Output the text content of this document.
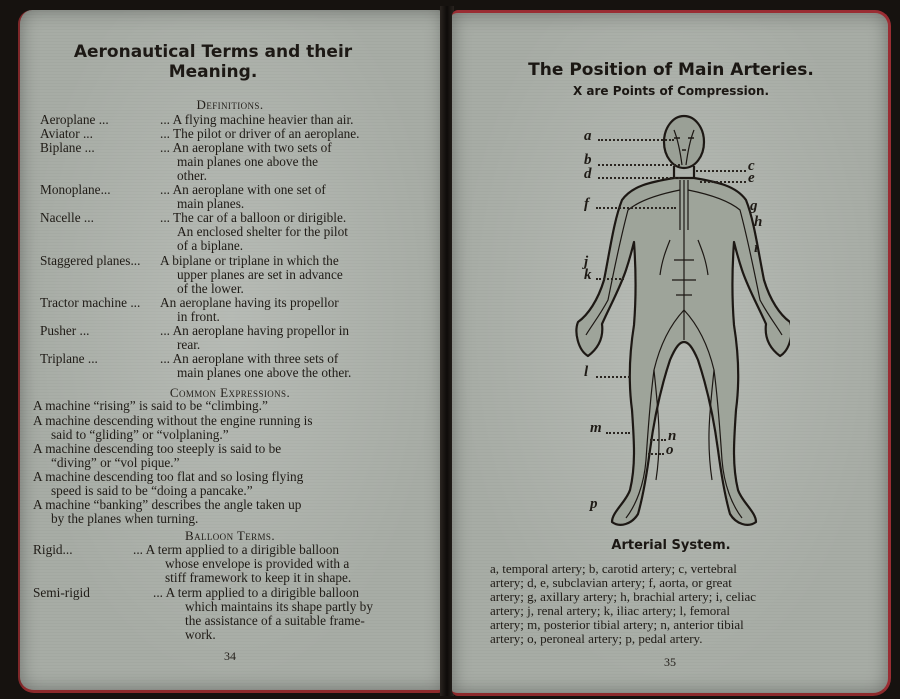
Aeronautical Terms and their
Meaning.
Definitions.
Aeroplane ...	... A flying machine heavier than air.
Aviator ...	... The pilot or driver of an aeroplane.
Biplane ...	... An aeroplane with two sets of
main planes one above the
other.
Monoplane...	... An aeroplane with one set of
main planes.
Nacelle ...	... The car of a balloon or dirigible.
An enclosed shelter for the pilot
of a biplane.
Staggered planes... A biplane or triplane in which the
upper planes are set in advance
of the lower.
Tractor machine ... An aeroplane having its propellor
in front.
Pusher ...	... An aeroplane having propellor in
rear.
Triplane ...	... An aeroplane with three sets of
main planes one above the other.
Common Expressions.
A machine “rising” is said to be “climbing.”
A machine descending without the engine running is
said to “gliding” or “volplaning.”
A machine descending too steeply is said to be
“diving” or “vol pique.”
A machine descending too flat and so losing flying
speed is said to be “doing a pancake.”
A machine “banking” describes the angle taken up
by the planes when turning.
Balloon Terms.
Rigid...	... A term applied to a dirigible balloon
whose envelope is provided with a
stiff framework to keep it in shape.
Semi-rigid	... A term applied to a dirigible balloon
which maintains its shape partly by
the assistance of a suitable frame-
work.
34
The Position of Main Arteries.
X are Points of Compression.
a
b	c
d	e
f	g
h
i
j
k
l
m	n
o
p
Arterial System.
a, temporal artery; b, carotid artery; c, vertebral
artery; d, e, subclavian artery; f, aorta, or great
artery; g, axillary artery; h, brachial artery; i, celiac
artery; j, renal artery; k, iliac artery; l, femoral
artery; m, posterior tibial artery; n, anterior tibial
artery; o, peroneal artery; p, pedal artery.
35
